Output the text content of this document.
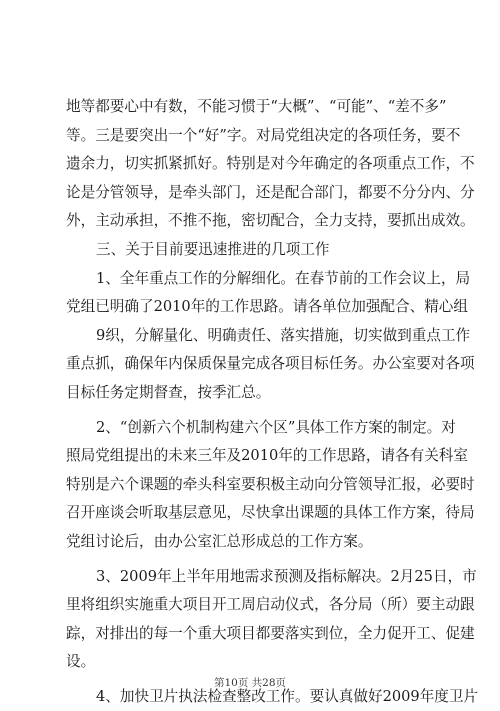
地等都要心中有数，不能习惯于“大概”、“可能”、“差不多”
等。三是要突出一个“好”字。对局党组决定的各项任务，要不
遗余力，切实抓紧抓好。特别是对今年确定的各项重点工作，不
论是分管领导，是牵头部门，还是配合部门，都要不分分内、分
外，主动承担，不推不拖，密切配合，全力支持，要抓出成效。
三、关于目前要迅速推进的几项工作
1、全年重点工作的分解细化。在春节前的工作会议上，局
党组已明确了2010年的工作思路。请各单位加强配合、精心组
9织，分解量化、明确责任、落实措施，切实做到重点工作
重点抓，确保年内保质保量完成各项目标任务。办公室要对各项
目标任务定期督查，按季汇总。
2、“创新六个机制构建六个区”具体工作方案的制定。对
照局党组提出的未来三年及2010年的工作思路，请各有关科室
特别是六个课题的牵头科室要积极主动向分管领导汇报，必要时
召开座谈会听取基层意见，尽快拿出课题的具体工作方案，待局
党组讨论后，由办公室汇总形成总的工作方案。
3、2009年上半年用地需求预测及指标解决。2月25日，市
里将组织实施重大项目开工周启动仪式，各分局（所）要主动跟
踪，对排出的每一个重大项目都要落实到位，全力促开工、促建
设。
4、加快卫片执法检查整改工作。要认真做好2009年度卫片
第10页 共28页
